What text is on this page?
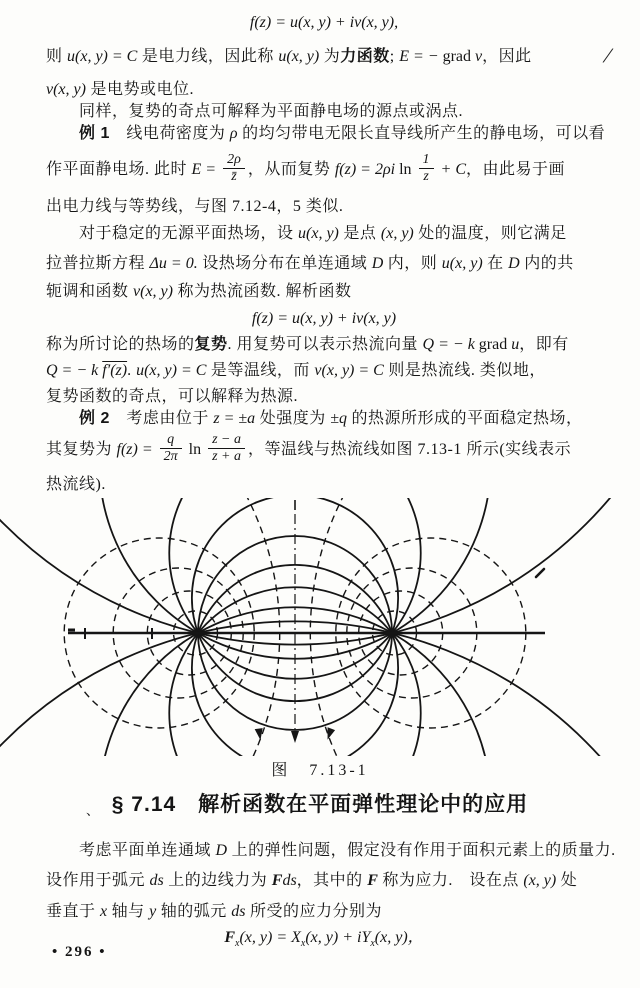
f(z) = u(x, y) + iv(x, y),
则 u(x, y) = C 是电力线，因此称 u(x, y) 为力函数; E = − grad v，因此
v(x, y) 是电势或电位.
同样，复势的奇点可解释为平面静电场的源点或涡点.
例 1　线电荷密度为 ρ 的均匀带电无限长直导线所产生的静电场，可以看
作平面静电场. 此时 $E = \frac{2\rho}{z̄}$ ，从而复势 f(z) = 2ρi $\ln \frac{1}{z} + C$，由此易于画
出电力线与等势线，与图 7.12-4，5 类似.
对于稳定的无源平面热场，设 u(x, y) 是点 (x, y) 处的温度，则它满足
拉普拉斯方程 Δu = 0. 设热场分布在单连通域 D 内，则 u(x, y) 在 D 内的共
轭调和函数 v(x, y) 称为热流函数. 解析函数
f(z) = u(x, y) + iv(x, y)
称为所讨论的热场的复势. 用复势可以表示热流向量 Q = − k grad u，即有
Q = − k f′(z). u(x, y) = C 是等温线，而 v(x, y) = C 则是热流线. 类似地，
复势函数的奇点，可以解释为热源.
例 2　考虑由位于 z = ±a 处强度为 ±q 的热源所形成的平面稳定热场，
其复势为 $f(z) = \frac{q}{2\pi}$ $\ln \frac{z - a}{z + a}$ ，等温线与热流线如图 7.13-1 所示(实线表示
热流线).
图　7.13-1
、 § 7.14　解析函数在平面弹性理论中的应用
考虑平面单连通域 D 上的弹性问题，假定没有作用于面积元素上的质量力.
设作用于弧元 ds 上的边线力为 Fds，其中的 F 称为应力.　设在点 (x, y) 处
垂直于 x 轴与 y 轴的弧元 ds 所受的应力分别为
$F_x(x$, $y) = X_x(x$, $y) + iY_x(x$, y)，
• 296 •
╱
